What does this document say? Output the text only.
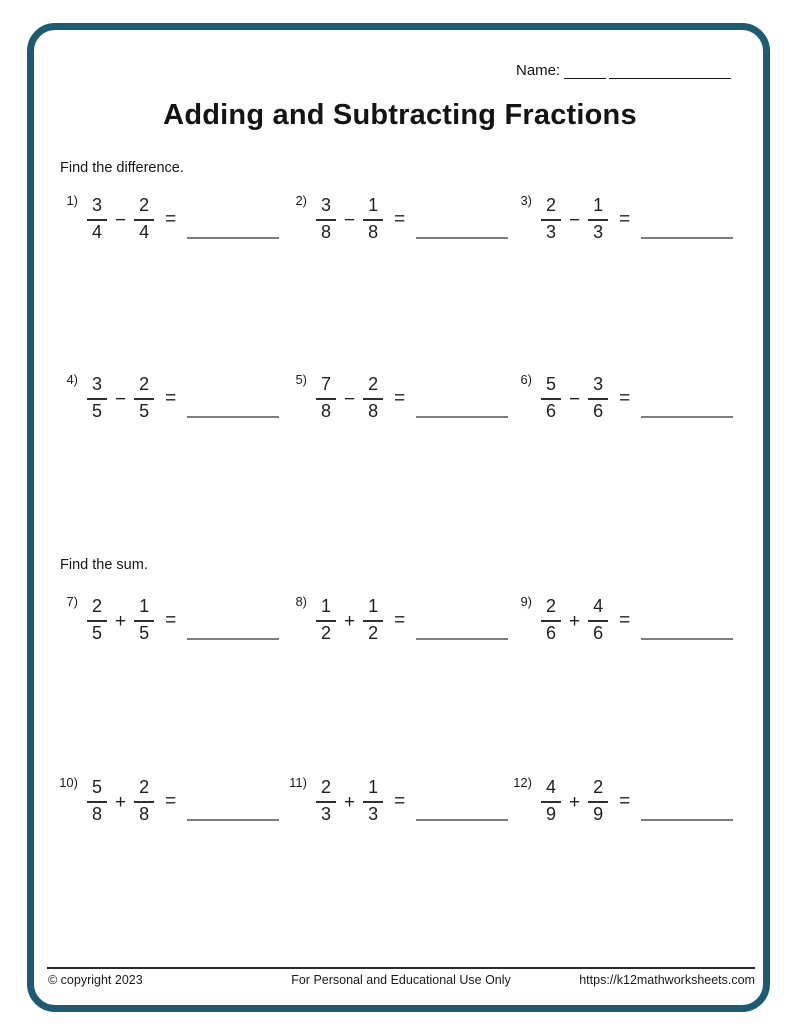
Name:
Adding and Subtracting Fractions
Find the difference.
Find the sum.
$1) \frac{3}{4} - \frac{2}{4}$ =
$2) \frac{3}{8} - \frac{1}{8}$ =
$3) \frac{2}{3} - \frac{1}{3}$ =
$4) \frac{3}{5} - \frac{2}{5}$ =
$5) \frac{7}{8} - \frac{2}{8}$ =
$6) \frac{5}{6} - \frac{3}{6}$ =
$7) \frac{2}{5} + \frac{1}{5}$ =
$8) \frac{1}{2} + \frac{1}{2}$ =
$9) \frac{2}{6} + \frac{4}{6}$ =
$10) \frac{5}{8} + \frac{2}{8}$ =
$11) \frac{2}{3} + \frac{1}{3}$ =
$12) \frac{4}{9} + \frac{2}{9}$ =
© copyright 2023	For Personal and Educational Use Only	https://k12mathworksheets.com
